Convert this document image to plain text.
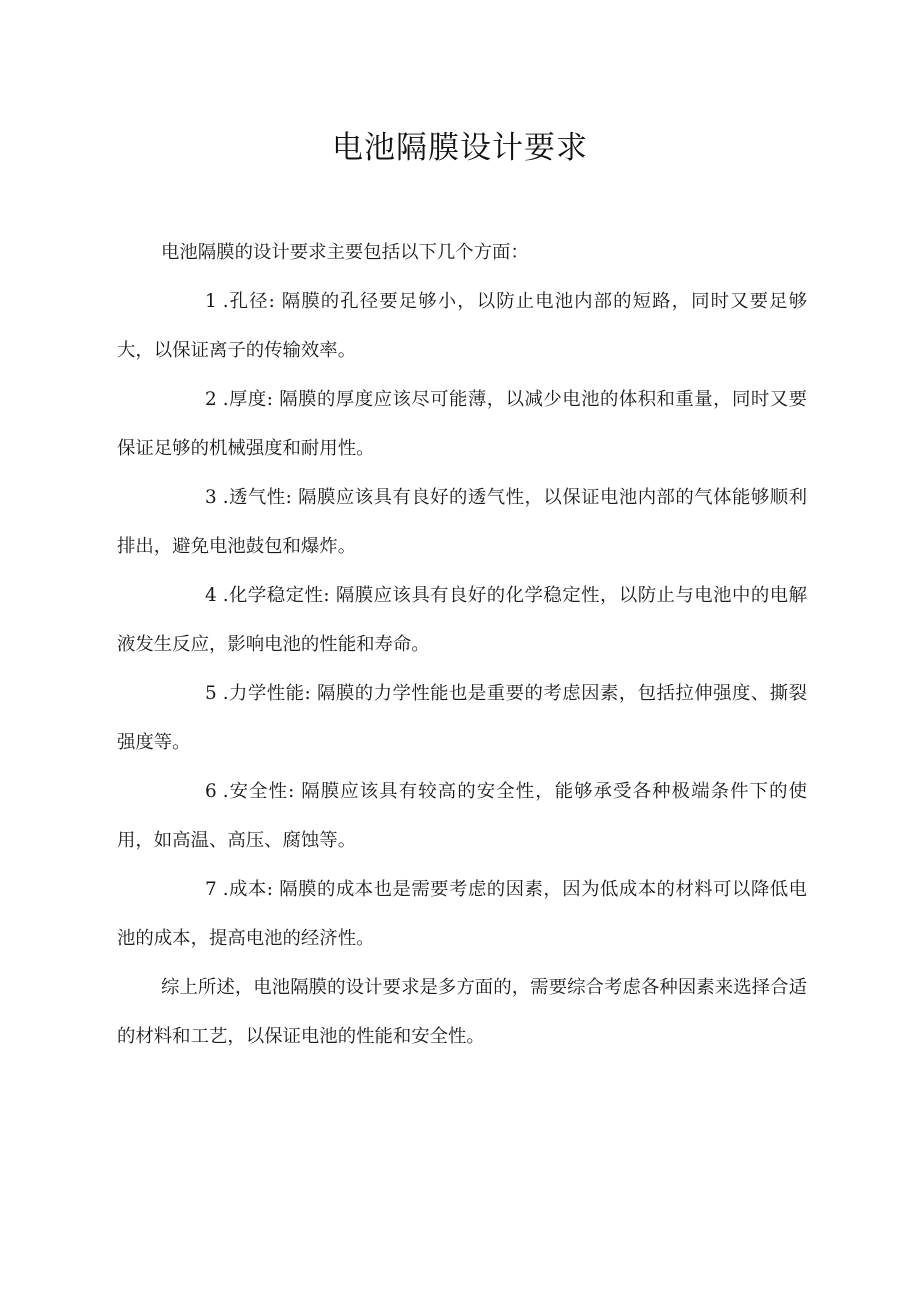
电池隔膜设计要求

电池隔膜的设计要求主要包括以下几个方面：

1 .孔径: 隔膜的孔径要足够小，以防止电池内部的短路，同时又要足够大，以保证离子的传输效率。

2 .厚度: 隔膜的厚度应该尽可能薄，以减少电池的体积和重量，同时又要保证足够的机械强度和耐用性。

3 .透气性: 隔膜应该具有良好的透气性，以保证电池内部的气体能够顺利排出，避免电池鼓包和爆炸。

4 .化学稳定性: 隔膜应该具有良好的化学稳定性，以防止与电池中的电解液发生反应，影响电池的性能和寿命。

5 .力学性能: 隔膜的力学性能也是重要的考虑因素，包括拉伸强度、撕裂强度等。

6 .安全性: 隔膜应该具有较高的安全性，能够承受各种极端条件下的使用，如高温、高压、腐蚀等。

7 .成本: 隔膜的成本也是需要考虑的因素，因为低成本的材料可以降低电池的成本，提高电池的经济性。

综上所述，电池隔膜的设计要求是多方面的，需要综合考虑各种因素来选择合适的材料和工艺，以保证电池的性能和安全性。
